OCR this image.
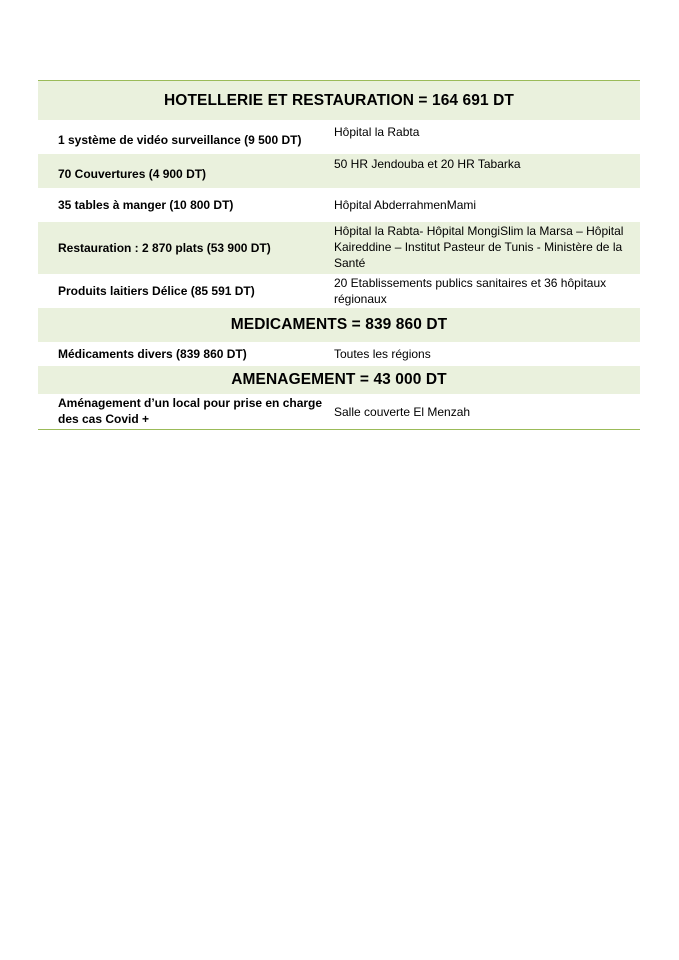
HOTELLERIE ET RESTAURATION = 164 691 DT
1 système de vidéo surveillance (9 500 DT)
Hôpital la Rabta
70 Couvertures (4 900 DT)
50 HR Jendouba et 20 HR Tabarka
35 tables à manger (10 800 DT)	Hôpital AbderrahmenMami
Restauration : 2 870 plats (53 900 DT)
Hôpital la Rabta- Hôpital MongiSlim la Marsa – Hôpital Kaireddine – Institut Pasteur de Tunis - Ministère de la Santé
Produits laitiers Délice (85 591 DT)
20 Etablissements publics sanitaires et 36 hôpitaux régionaux
MEDICAMENTS = 839 860 DT
Médicaments divers (839 860 DT)	Toutes les régions
AMENAGEMENT = 43 000 DT
Aménagement d’un local pour prise en charge des cas Covid +
Salle couverte El Menzah
